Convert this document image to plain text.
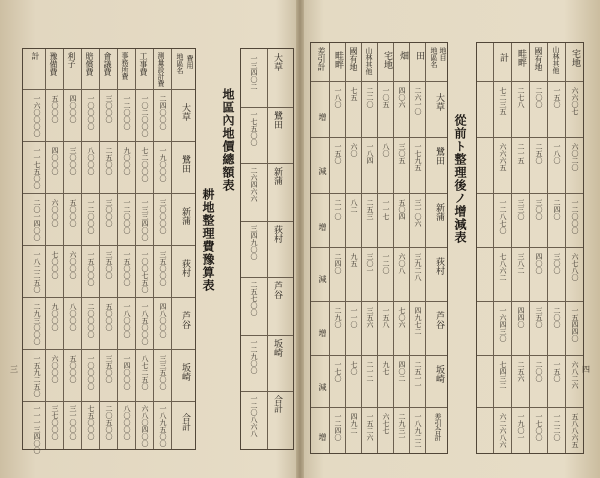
大草
鷺田
新蒲
荻村
芦谷
坂崎
合計
一三四〇二
一七五〇〇
二六四六六
三四九〇〇
二五七〇〇
一二九〇〇
一二〇八六八
地區內地價總額表
耕地整理費豫算表
地區名 費用
大草
鷺田
新蒲
荻村
芦谷
坂崎
合計
測量設計費
工事費
事務所費
會議費
賠償費
利子
豫備費
計
二四〇〇〇
一九〇〇〇
三〇〇〇〇
三五〇〇〇
四八〇〇〇
三三五〇〇
一八九五〇〇
一〇二〇〇〇
七二〇〇〇
一三三四〇〇
一〇〇七五〇
一八五〇〇〇
八七二五〇
六八〇四〇〇
一二〇〇〇
九〇〇〇
一二〇〇〇
一五〇〇〇
一八〇〇〇
一四〇〇〇
八〇〇〇〇
三〇〇〇
二五〇〇
三〇〇〇
三五〇〇
五〇〇〇
三五〇〇
二〇五〇〇
一〇〇〇〇
八〇〇〇
一二〇〇〇
一五〇〇〇
二〇〇〇〇
一〇〇〇〇
七五〇〇〇
四〇〇〇
三〇〇〇
五〇〇〇
六〇〇〇
八〇〇〇
五〇〇〇
三一〇〇〇
五〇〇〇
四〇〇〇
六〇〇〇
七〇〇〇
九〇〇〇
六〇〇〇
三七〇〇〇
一六〇〇〇〇
一一七五〇〇
二〇一四〇〇
一八二二五〇
二九三〇〇〇
一五九二五〇
一一一三四〇〇
三
從前ト整理後ノ增減表
地區名 地目
大草
鷺田
新蒲
荻村
芦谷
坂崎
差引合計
田
畑
宅地
山林其他
國有地
畦畔
差引計
二六一〇
一七九五
三一〇六
三九二八
四九七二
二五一一
一八九二二
四〇六
三〇五
五〇四
六〇八
七〇六
四〇二
二九三一
一〇五
八〇
一一七
一二〇
一五八
九七
六七七
二二〇
一八四
二五三
三〇一
三五六
二一二
一五二六
七五
六〇
八二
九五
一一〇
七〇
四九二
一八〇
一五〇
二一〇
二四〇
二九〇
一七〇
一二四〇
增
減
增
減
增
減
增
宅地
山林其他
國有地
畦畔
計
六六〇七
六〇二〇
一二〇〇〇
六七八〇
一五四四〇
六八二六
五八八六五
一五〇
一八〇
二四〇
三〇〇
二〇〇
一五〇
一二二〇
二〇〇
二五〇
三〇〇
四〇〇
三五〇
二〇〇
一七〇〇
二七八
二一五
三三〇
三八二
四四〇
二五六
一九〇一
七二三五
六六六五
一二八七〇
七八六二
一六四三〇
七四三二
六二六八六
四
